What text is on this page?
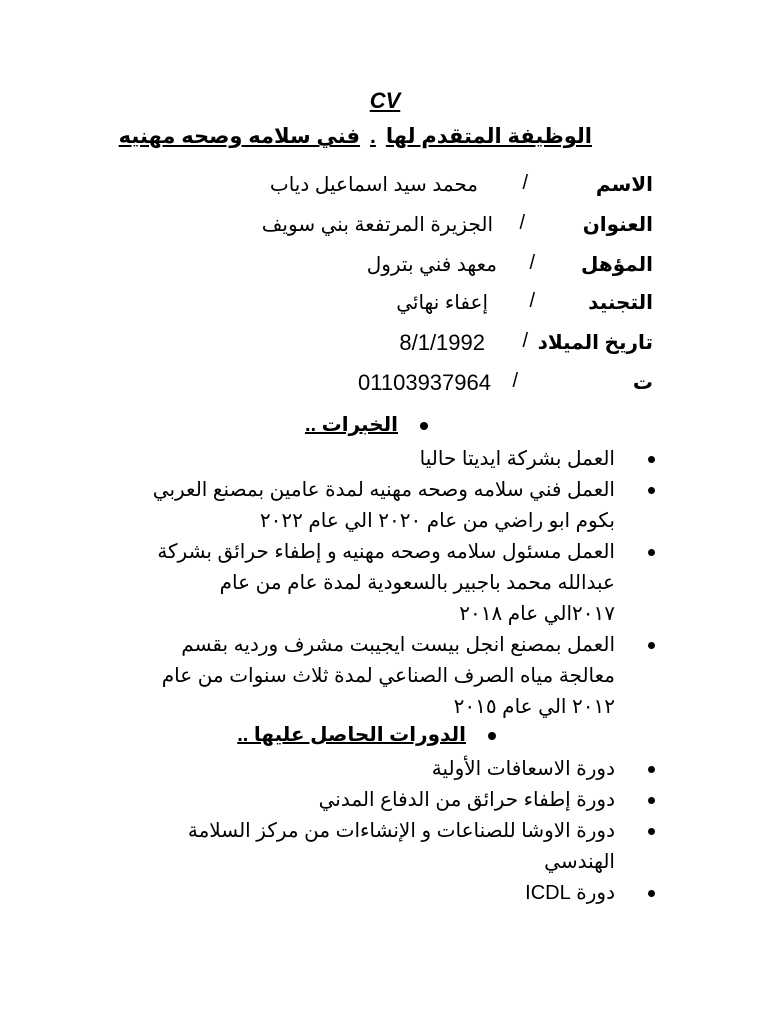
CV
الوظيفة المتقدم لها.فني سلامه وصحه مهنيه
الاسم
/
محمد سيد اسماعيل دياب
العنوان
/
الجزيرة المرتفعة بني سويف
المؤهل
/
معهد فني بترول
التجنيد
/
إعفاء نهائي
تاريخ الميلاد
/
8/1/1992
ت
/
01103937964
الخبرات ..
العمل بشركة ايديتا حاليا
العمل فني سلامه وصحه مهنيه لمدة عامين بمصنع العربي بكوم ابو راضي من عام ٢٠٢٠ الي عام ٢٠٢٢
العمل مسئول سلامه وصحه مهنيه و إطفاء حرائق بشركة عبدالله محمد باجبير بالسعودية لمدة عام من عام ٢٠١٧الي عام ٢٠١٨
العمل بمصنع انجل بيست ايجيبت مشرف ورديه بقسم معالجة مياه الصرف الصناعي لمدة ثلاث سنوات من عام ٢٠١٢ الي عام ٢٠١٥
الدورات الحاصل عليها ..
دورة الاسعافات الأولية
دورة إطفاء حرائق من الدفاع المدني
دورة الاوشا للصناعات و الإنشاءات من مركز السلامة الهندسي
دورة ICDL
